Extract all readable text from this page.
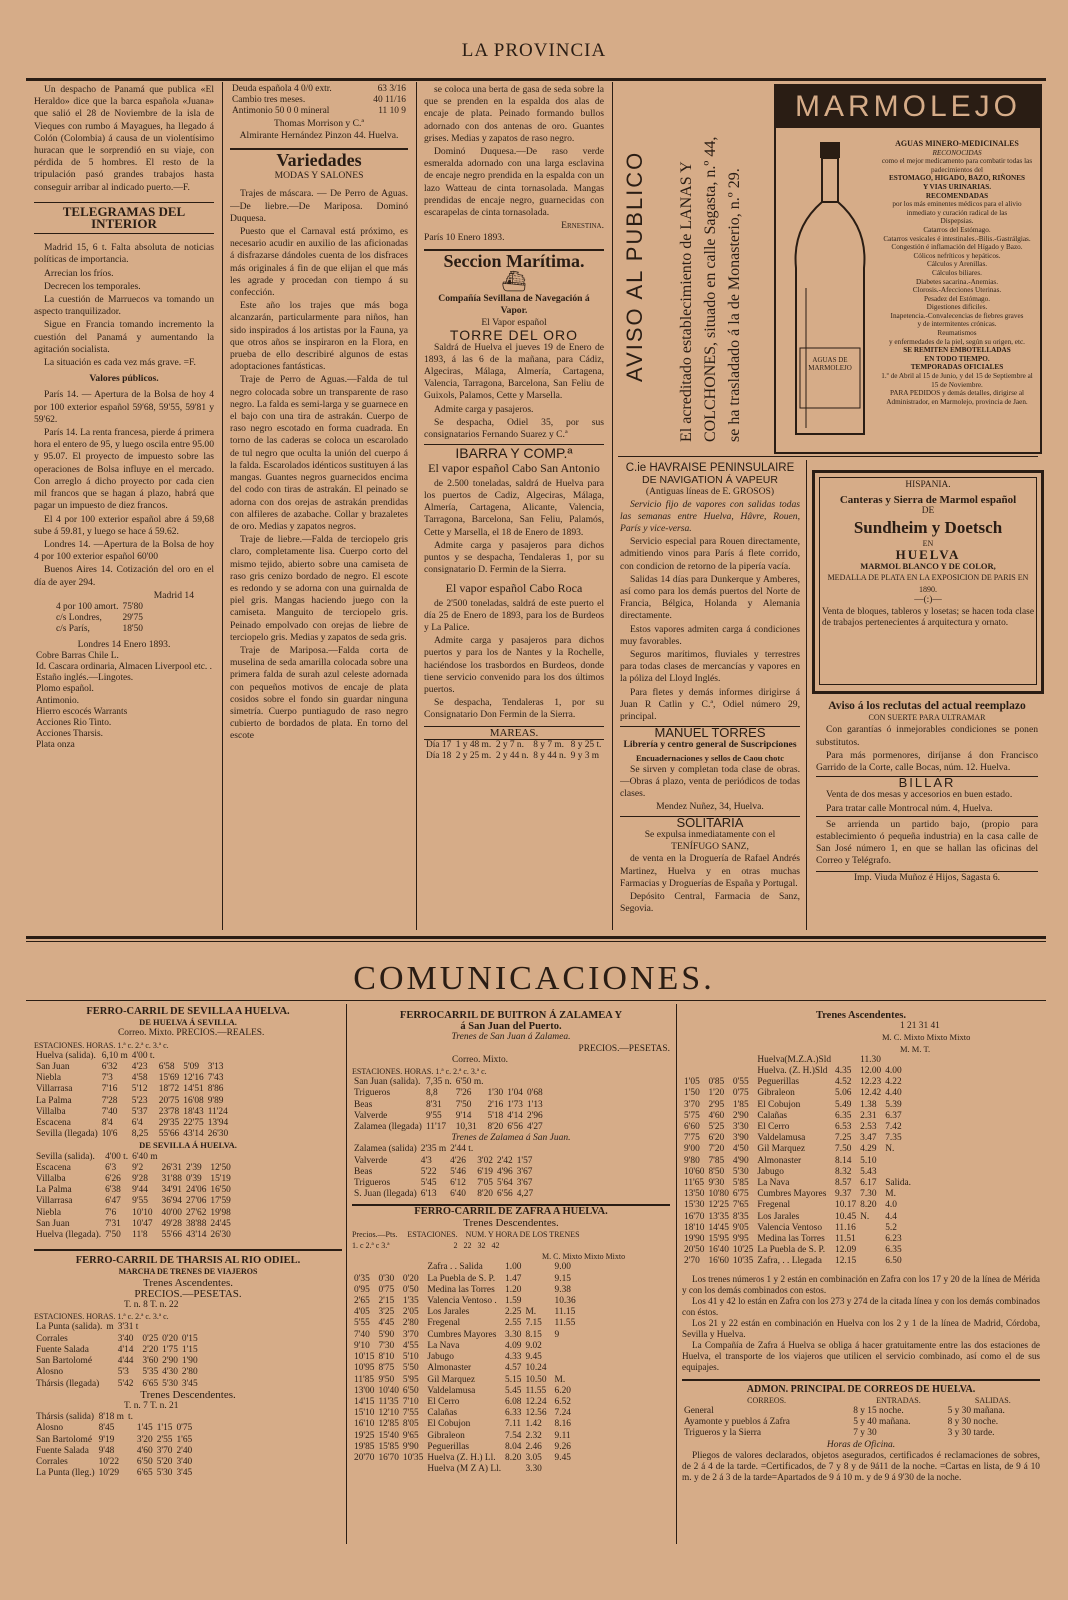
LA PROVINCIA

Un despacho de Panamá que publica «El Heraldo» dice que la barca española «Juana» que salió el 28 de Noviembre de la isla de Vieques con rumbo á Mayagues, ha llegado á Colón (Colombia) á causa de un violentísimo huracan que le sorprendió en su viaje, con pérdida de 5 hombres. El resto de la tripulación pasó grandes trabajos hasta conseguir arribar al indicado puerto.—F.

TELEGRAMAS DEL INTERIOR

Madrid 15, 6 t. Falta absoluta de noticias políticas de importancia.

Arrecian los fríos.

Decrecen los temporales.

La cuestión de Marruecos va tomando un aspecto tranquilizador.

Sigue en Francia tomando incremento la cuestión del Panamá y aumentando la agitación socialista.

La situación es cada vez más grave. =F.

Valores públicos.

París 14. — Apertura de la Bolsa de hoy 4 por 100 exterior español 59'68, 59'55, 59'81 y 59'62.

París 14. La renta francesa, pierde á primera hora el entero de 95, y luego oscila entre 95.00 y 95.07. El proyecto de impuesto sobre las operaciones de Bolsa influye en el mercado. Con arreglo á dicho proyecto por cada cien mil francos que se hagan á plazo, habrá que pagar un impuesto de diez francos.

El 4 por 100 exterior español abre á 59,68 sube á 59.81, y luego se hace á 59.62.

Londres 14. —Apertura de la Bolsa de hoy 4 por 100 exterior español 60'00

Buenos Aires 14. Cotización del oro en el día de ayer 294.

Madrid 14
4 por 100 amort.	75'80
c/s Londres,	29'75
c/s París,	18'50
Londres 14 Enero 1893.
Cobre Barras Chile L.			
Id. Cascara ordinaria, Almacen Liverpool etc. .			
Estaño inglés.—Lingotes.			
Plomo español.			
Antimonio.			
Hierro escocés Warrants			
Acciones Rio Tinto.			
Acciones Tharsis.			
Plata onza			
Deuda española 4 0/0 extr.	63 3/16
Cambio tres meses.	40 11/16
Antimonio 50 0 0 mineral	11 10 9
Thomas Morrison y C.ª
Almirante Hernández Pinzon 44. Huelva.
Variedades
MODAS Y SALONES

Trajes de máscara. — De Perro de Aguas.—De liebre.—De Mariposa. Dominó Duquesa.

Puesto que el Carnaval está próximo, es necesario acudir en auxilio de las aficionadas á disfrazarse dándoles cuenta de los disfraces más originales á fin de que elijan el que más les agrade y procedan con tiempo á su confección.

Este año los trajes que más boga alcanzarán, particularmente para niños, han sido inspirados á los artistas por la Fauna, ya que otros años se inspiraron en la Flora, en prueba de ello describiré algunos de estas adoptaciones fantásticas.

Traje de Perro de Aguas.—Falda de tul negro colocada sobre un transparente de raso negro. La falda es semi-larga y se guarnece en el bajo con una tira de astrakán. Cuerpo de raso negro escotado en forma cuadrada. En torno de las caderas se coloca un escarolado de tul negro que oculta la unión del cuerpo á la falda. Escarolados idénticos sustituyen á las mangas. Guantes negros guarnecidos encima del codo con tiras de astrakán. El peinado se adorna con dos orejas de astrakán prendidas con alfileres de azabache. Collar y brazaletes de oro. Medias y zapatos negros.

Traje de liebre.—Falda de terciopelo gris claro, completamente lisa. Cuerpo corto del mismo tejido, abierto sobre una camiseta de raso gris cenizo bordado de negro. El escote es redondo y se adorna con una guirnalda de piel gris. Mangas haciendo juego con la camiseta. Manguito de terciopelo gris. Peinado empolvado con orejas de liebre de terciopelo gris. Medias y zapatos de seda gris.

Traje de Mariposa.—Falda corta de muselina de seda amarilla colocada sobre una primera falda de surah azul celeste adornada con pequeños motivos de encaje de plata cosidos sobre el fondo sin guardar ninguna simetría. Cuerpo puntiagudo de raso negro cubierto de bordados de plata. En torno del escote

se coloca una berta de gasa de seda sobre la que se prenden en la espalda dos alas de encaje de plata. Peinado formando bullos adornado con dos antenas de oro. Guantes grises. Medias y zapatos de raso negro.

Dominó Duquesa.—De raso verde esmeralda adornado con una larga esclavina de encaje negro prendida en la espalda con un lazo Watteau de cinta tornasolada. Mangas prendidas de encaje negro, guarnecidas con escarapelas de cinta tornasolada.

Ernestina.
París 10 Enero 1893.
Seccion Marítima.
⛴
Compañía Sevillana de Navegación á Vapor.
El Vapor español
TORRE DEL ORO

Saldrá de Huelva el jueves 19 de Enero de 1893, á las 6 de la mañana, para Cádiz, Algeciras, Málaga, Almería, Cartagena, Valencia, Tarragona, Barcelona, San Feliu de Guixols, Palamos, Cette y Marsella.

Admite carga y pasajeros.

Se despacha, Odiel 35, por sus consignatarios Fernando Suarez y C.ª

IBARRA Y COMP.ª
El vapor español Cabo San Antonio

de 2.500 toneladas, saldrá de Huelva para los puertos de Cadiz, Algeciras, Málaga, Almería, Cartagena, Alicante, Valencia, Tarragona, Barcelona, San Feliu, Palamós, Cette y Marsella, el 18 de Enero de 1893.

Admite carga y pasajeros para dichos puntos y se despacha, Tendaleras 1, por su consignatario D. Fermin de la Sierra.

El vapor español Cabo Roca

de 2'500 toneladas, saldrá de este puerto el día 25 de Enero de 1893, para los de Burdeos y La Palice.

Admite carga y pasajeros para dichos puertos y para los de Nantes y la Rochelle, haciéndose los trasbordos en Burdeos, donde tiene servicio convenido para los dos últimos puertos.

Se despacha, Tendaleras 1, por su Consignatario Don Fermin de la Sierra.

MAREAS.
Día 17	1 y 48 m.	2 y 7 n.	8 y 7 m.	8 y 25 t.
Día 18	2 y 25 m.	2 y 44 n.	8 y 44 n.	9 y 3 m
AVISO AL PUBLICO El acreditado establecimiento de LANAS Y COLCHONES, situado en calle Sagasta, n.º 44, se ha trasladado á la de Monasterio, n.º 29.
MARMOLEJO
AGUAS DE MARMOLEJO
AGUAS MINERO-MEDICINALES
RECONOCIDAS
como el mejor medicamento para combatir todas las padecimientos del
ESTOMAGO, HIGADO, BAZO, RIÑONES
Y VIAS URINARIAS.
RECOMENDADAS
por los más eminentes médicos para el alivio inmediato y curación radical de las
Dispepsias.
Catarros del Estómago.
Catarros vesicales é intestinales.-Bilis.-Gastrálgias.
Congestión é inflamación del Hígado y Bazo.
Cólicos nefríticos y hepáticos.
Cálculos y Arenillas.
Cálculos biliares.
Diabetes sacarina.-Anemias.
Clorosis.-Afecciones Uterinas.
Pesadez del Estómago.
Digestiones difíciles.
Inapetencia.-Convalecencias de fiebres graves
y de intermitentes crónicas.
Reumatismos
y enfermedades de la piel, según su origen, etc.
SE REMITEN EMBOTELLADAS
EN TODO TIEMPO.
TEMPORADAS OFICIALES
1.º de Abril al 15 de Junio, y del 15 de Septiembre al 15 de Noviembre.
PARA PEDIDOS y demás detalles, dirigirse al Administrador, en Marmolejo, provincia de Jaen.
C.ie HAVRAISE PENINSULAIRE
DE NAVIGATION Á VAPEUR
(Antiguas líneas de E. GROSOS)

Servicio fijo de vapores con salidas todas las semanas entre Huelva, Hâvre, Rouen, París y vice-versa.

Servicio especial para Rouen directamente, admitiendo vinos para París á flete corrido, con condicion de retorno de la pipería vacía.

Salidas 14 días para Dunkerque y Amberes, así como para los demás puertos del Norte de Francia, Bélgica, Holanda y Alemania directamente.

Estos vapores admiten carga á condiciones muy favorables.

Seguros marítimos, fluviales y terrestres para todas clases de mercancías y vapores en la póliza del Lloyd Inglés.

Para fletes y demás informes dirigirse á Juan R Catlin y C.ª, Odiel número 29, principal.

MANUEL TORRES
Librería y centro general de Suscripciones
Encuadernaciones y sellos de Caou chotc

Se sirven y completan toda clase de obras.—Obras á plazo, venta de periódicos de todas clases.

Mendez Nuñez, 34, Huelva.
SOLITARIA
Se expulsa inmediatamente con el
TENÍFUGO SANZ,

de venta en la Droguería de Rafael Andrés Martinez, Huelva y en otras muchas Farmacias y Droguerías de España y Portugal.

Depósito Central, Farmacia de Sanz, Segovia.

HISPANIA.
Canteras y Sierra de Marmol español
DE
Sundheim y Doetsch
EN
HUELVA
MARMOL BLANCO Y DE COLOR,
MEDALLA DE PLATA EN LA EXPOSICION DE PARIS EN 1890.
—(:)—
Venta de bloques, tableros y losetas; se hacen toda clase de trabajos pertenecientes á arquitectura y ornato.
Aviso á los reclutas del actual reemplazo
CON SUERTE PARA ULTRAMAR

Con garantías ó inmejorables condiciones se ponen substitutos.

Para más pormenores, diríjanse á don Francisco Garrido de la Corte, calle Bocas, núm. 12. Huelva.

BILLAR

Venta de dos mesas y accesorios en buen estado.

Para tratar calle Montrocal núm. 4, Huelva.

Se arrienda un partido bajo, (propio para establecimiento ó pequeña industria) en la casa calle de San José número 1, en que se hallan las oficinas del Correo y Telégrafo.

Imp. Viuda Muñoz é Hijos, Sagasta 6.
COMUNICACIONES.
FERRO-CARRIL DE SEVILLA A HUELVA.
DE HUELVA Á SEVILLA.
Correo. Mixto. PRECIOS.—REALES.
ESTACIONES. HORAS. 1.ª c. 2.ª c. 3.ª c.
Huelva (salida).	6,10 m	4'00 t.			
San Juan	6'32	4'23	6'58	5'09	3'13
Niebla	7'3	4'58	15'69	12'16	7'43
Villarrasa	7'16	5'12	18'72	14'51	8'86
La Palma	7'28	5'23	20'75	16'08	9'89
Villalba	7'40	5'37	23'78	18'43	11'24
Escacena	8'4	6'4	29'35	22'75	13'94
Sevilla (llegada)	10'6	8,25	55'66	43'14	26'30
DE SEVILLA Á HUELVA.
Sevilla (salida).	4'00 t.	6'40 m			
Escacena	6'3	9'2	26'31	2'39	12'50
Villalba	6'26	9'28	31'88	0'39	15'19
La Palma	6'38	9'44	34'91	24'06	16'50
Villarrasa	6'47	9'55	36'94	27'06	17'59
Niebla	7'6	10'10	40'00	27'62	19'98
San Juan	7'31	10'47	49'28	38'88	24'45
Huelva (llegada).	7'50	11'8	55'66	43'14	26'30
FERRO-CARRIL DE THARSIS AL RIO ODIEL.
MARCHA DE TRENES DE VIAJEROS
Trenes Ascendentes.
PRECIOS.—PESETAS.
T. n. 8 T. n. 22
ESTACIONES. HORAS. 1.ª c. 2.ª c. 3.ª c.
La Punta (salida).	m	3'31 t			
Corrales		3'40	0'25	0'20	0'15
Fuente Salada		4'14	2'20	1'75	1'15
San Bartolomé		4'44	3'60	2'90	1'90
Alosno		5'3	5'35	4'30	2'80
Thársis (llegada)		5'42	6'65	5'30	3'45
Trenes Descendentes.
T. n. 7 T. n. 21
Thársis (salida)	8'18 m	t.			
Alosno	8'45		1'45	1'15	0'75
San Bartolomé	9'19		3'20	2'55	1'65
Fuente Salada	9'48		4'60	3'70	2'40
Corrales	10'22		6'50	5'20	3'40
La Punta (lleg.)	10'29		6'65	5'30	3'45
FERROCARRIL DE BUITRON Á ZALAMEA Y
á San Juan del Puerto.
Trenes de San Juan á Zalamea.
PRECIOS.—PESETAS.
Correo. Mixto.
ESTACIONES. HORAS. 1.ª c. 2.ª c. 3.ª c.
San Juan (salida).	7,35 n.	6'50 m.			
Trigueros	8,8	7'26	1'30	1'04	0'68
Beas	8'31	7'50	2'16	1'73	1'13
Valverde	9'55	9'14	5'18	4'14	2'96
Zalamea (llegada)	11'17	10,31	8'20	6'56	4'27
Trenes de Zalamea á San Juan.
Zalamea (salida)	2'35 m	2'44 t.			
Valverde	4'3	4'26	3'02	2'42	1'57
Beas	5'22	5'46	6'19	4'96	3'67
Trigueros	5'45	6'12	7'05	5'64	3'67
S. Juan (llegada)	6'13	6'40	8'20	6'56	4,27
FERRO-CARRIL DE ZAFRA A HUELVA.
Trenes Descendentes.
Precios.—Pts.     ESTACIONES.    NUM. Y HORA DE LOS TRENES
1. c 2.ª c 3.ª                                2   22   32   42
M. C. Mixto Mixto Mixto
			Zafra . . Salida	1.00			9.00
0'35	0'30	0'20	La Puebla de S. P.	1.47			9.15
0'95	0'75	0'50	Medina las Torres	1.20			9.38
2'65	2'15	1'35	Valencia Ventoso .	1.59			10.36
4'05	3'25	2'05	Los Jarales	2.25	M.		11.15
5'55	4'45	2'80	Fregenal	2.55	7.15		11.55
7'40	5'90	3'70	Cumbres Mayores	3.30	8.15		9
9'10	7'30	4'55	La Nava	4.09	9.02		
10'15	8'10	5'10	Jabugo	4.33	9.45		
10'95	8'75	5'50	Almonaster	4.57	10.24		
11'85	9'50	5'95	Gil Marquez	5.15	10.50		M.
13'00	10'40	6'50	Valdelamusa	5.45	11.55		6.20
14'15	11'35	7'10	El Cerro	6.08	12.24		6.52
15'10	12'10	7'55	Calañas	6.33	12.56		7.24
16'10	12'85	8'05	El Cobujon	7.11	1.42		8.16
19'25	15'40	9'65	Gibraleon	7.54	2.32		9.11
19'85	15'85	9'90	Peguerillas	8.04	2.46		9.26
20'70	16'70	10'35	Huelva (Z. H.) Ll.	8.20	3.05		9.45
			Huelva (M Z A) Ll.		3.30		
Trenes Ascendentes.
1 21 31 41
M. C. Mixto Mixto Mixto
M. M. T.
			Huelva(M.Z.A.)Sld		11.30	
			Huelva. (Z. H.)Sld	4.35	12.00	4.00
1'05	0'85	0'55	Peguerillas	4.52	12.23	4.22
1'50	1'20	0'75	Gibraleon	5.06	12.42	4.40
3'70	2'95	1'85	El Cobujon	5.49	1.38	5.39
5'75	4'60	2'90	Calañas	6.35	2.31	6.37
6'60	5'25	3'30	El Cerro	6.53	2.53	7.42
7'75	6'20	3'90	Valdelamusa	7.25	3.47	7.35
9'00	7'20	4'50	Gil Marquez	7.50	4.29	N.
9'80	7'85	4'90	Almonaster	8.14	5.10	
10'60	8'50	5'30	Jabugo	8.32	5.43	
11'65	9'30	5'85	La Nava	8.57	6.17	Salida.
13'50	10'80	6'75	Cumbres Mayores	9.37	7.30	M.
15'30	12'25	7'65	Fregenal	10.17	8.20	4.0
16'70	13'35	8'35	Los Jarales	10.45	N.	4.4
18'10	14'45	9'05	Valencia Ventoso	11.16		5.2
19'90	15'95	9'95	Medina las Torres	11.51		6.23
20'50	16'40	10'25	La Puebla de S. P.	12.09		6.35
2'70	16'60	10'35	Zafra, . . Llegada	12.15		6.50
Los trenes números 1 y 2 están en combinación en Zafra con los 17 y 20 de la línea de Mérida y con los demás combinados con estos.
Los 41 y 42 lo están en Zafra con los 273 y 274 de la citada línea y con los demás combinados con éstos.
Los 21 y 22 están en combinación en Huelva con los 2 y 1 de la línea de Madrid, Córdoba, Sevilla y Huelva.
La Compañía de Zafra á Huelva se obliga á hacer gratuitamente entre las dos estaciones de Huelva, el transporte de los viajeros que utilicen el servicio combinado, así como el de sus equipajes.
ADMON. PRINCIPAL DE CORREOS DE HUELVA.
CORREOS.	ENTRADAS.	SALIDAS.
General	8 y 15 noche.	5 y 30 mañana.
Ayamonte y pueblos á Zafra	5 y 40 mañana.	8 y 30 noche.
Trigueros y la Sierra	7 y 30	3 y 30 tarde.
Horas de Oficina.
Pliegos de valores declarados, objetos asegurados, certificados é reclamaciones de sobres, de 2 á 4 de la tarde. =Certificados, de 7 y 8 y de 9á11 de la noche. =Cartas en lista, de 9 á 10 m. y de 2 á 3 de la tarde=Apartados de 9 á 10 m. y de 9 á 9'30 de la noche.
